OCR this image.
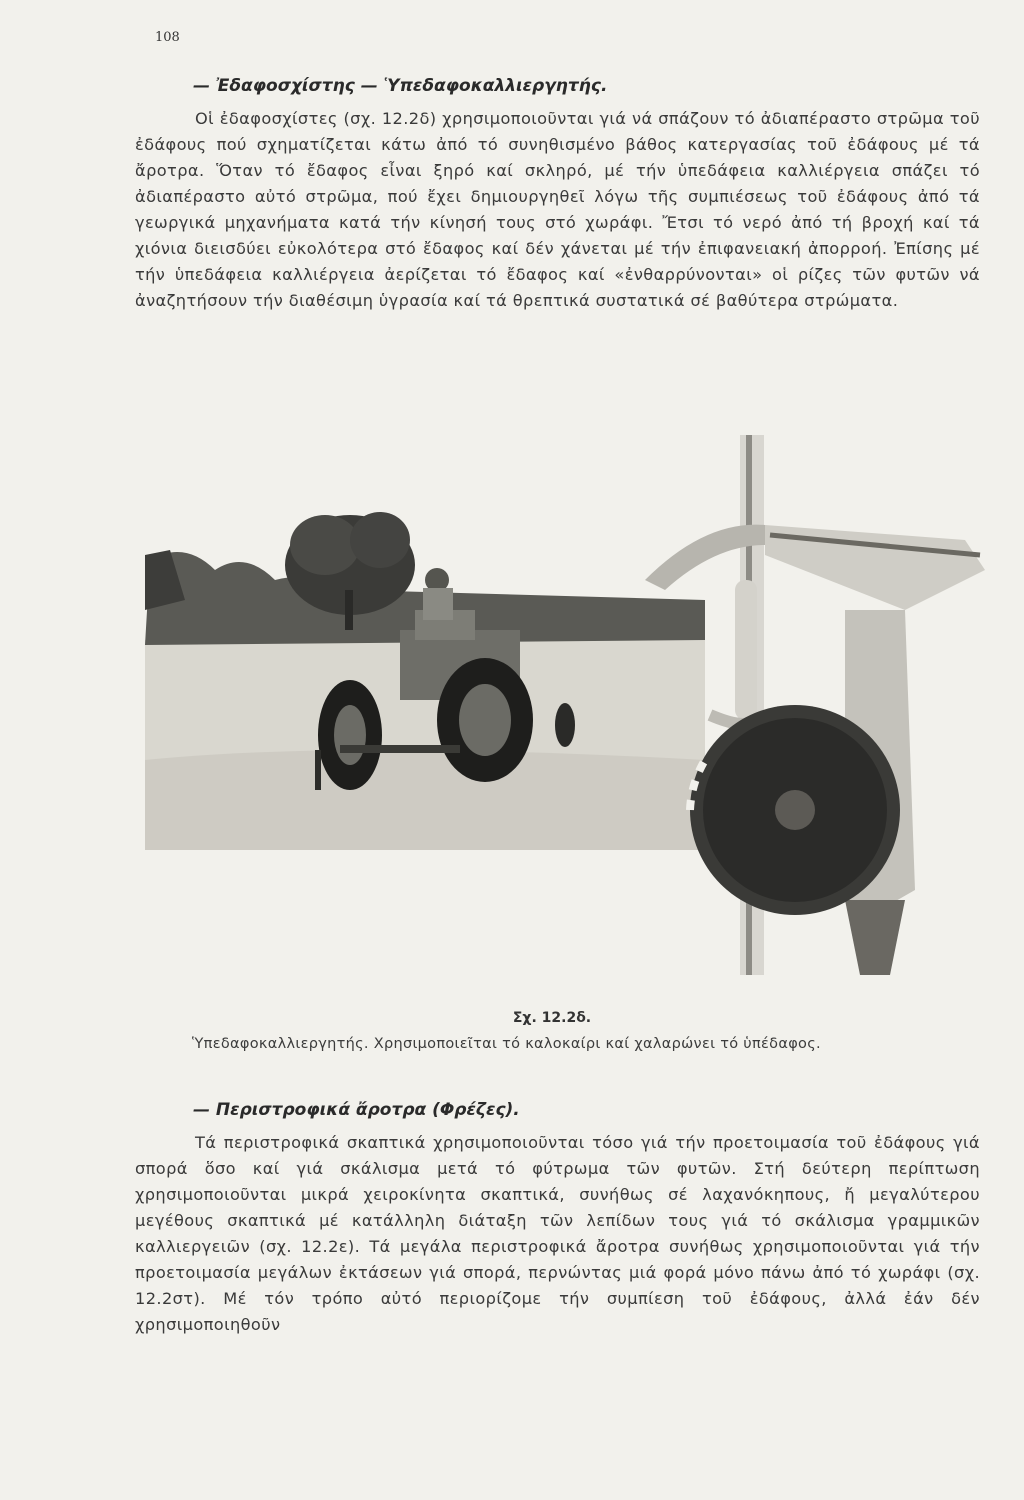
108
— Ἐδαφοσχίστης — Ὑπεδαφοκαλλιεργητής.

Οἱ ἐδαφοσχίστες (σχ. 12.2δ) χρησιμοποιοῦνται γιά νά σπάζουν τό ἀδιαπέραστο στρῶμα τοῦ ἐδάφους πού σχηματίζεται κάτω ἀπό τό συνηθισμένο βάθος κατεργασίας τοῦ ἐδάφους μέ τά ἄροτρα. Ὅταν τό ἔδαφος εἶναι ξηρό καί σκληρό, μέ τήν ὑπεδάφεια καλλιέργεια σπάζει τό ἀδιαπέραστο αὐτό στρῶμα, πού ἔχει δημιουργηθεῖ λόγω τῆς συμπιέσεως τοῦ ἐδάφους ἀπό τά γεωργικά μηχανήματα κατά τήν κίνησή τους στό χωράφι. Ἔτσι τό νερό ἀπό τή βροχή καί τά χιόνια διεισδύει εὐκολότερα στό ἔδαφος καί δέν χάνεται μέ τήν ἐπιφανειακή ἀπορροή. Ἐπίσης μέ τήν ὑπεδάφεια καλλιέργεια ἀερίζεται τό ἔδαφος καί «ἐνθαρρύνονται» οἱ ρίζες τῶν φυτῶν νά ἀναζητήσουν τήν διαθέσιμη ὑγρασία καί τά θρεπτικά συστατικά σέ βαθύτερα στρώματα.

Σχ. 12.2δ.
Ὑπεδαφοκαλλιεργητής. Χρησιμοποιεῖται τό καλοκαίρι καί χαλαρώνει τό ὑπέδαφος.
— Περιστροφικά ἄροτρα (Φρέζες).

Τά περιστροφικά σκαπτικά χρησιμοποιοῦνται τόσο γιά τήν προετοιμασία τοῦ ἐδάφους γιά σπορά ὅσο καί γιά σκάλισμα μετά τό φύτρωμα τῶν φυτῶν. Στή δεύτερη περίπτωση χρησιμοποιοῦνται μικρά χειροκίνητα σκαπτικά, συνήθως σέ λαχανόκηπους, ἤ μεγαλύτερου μεγέθους σκαπτικά μέ κατάλληλη διάταξη τῶν λεπίδων τους γιά τό σκάλισμα γραμμικῶν καλλιεργειῶν (σχ. 12.2ε). Τά μεγάλα περιστροφικά ἄροτρα συνήθως χρησιμοποιοῦνται γιά τήν προετοιμασία μεγάλων ἐκτάσεων γιά σπορά, περνώντας μιά φορά μόνο πάνω ἀπό τό χωράφι (σχ. 12.2στ). Μέ τόν τρόπο αὐτό περιορίζομε τήν συμπίεση τοῦ ἐδάφους, ἀλλά ἐάν δέν χρησιμοποιηθοῦν
